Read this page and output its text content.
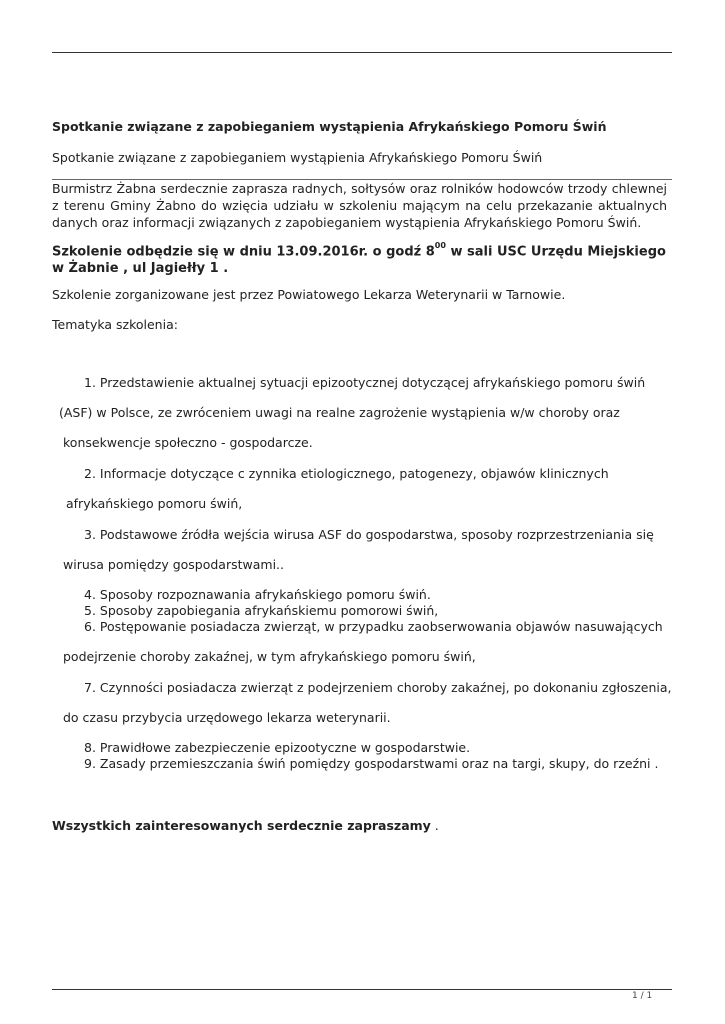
Spotkanie związane z zapobieganiem wystąpienia Afrykańskiego Pomoru Świń
Spotkanie związane z zapobieganiem wystąpienia Afrykańskiego Pomoru Świń
Burmistrz Żabna serdecznie zaprasza radnych, sołtysów oraz rolników hodowców trzody chlewnej z terenu Gminy Żabno do wzięcia udziału w szkoleniu mającym na celu przekazanie aktualnych danych oraz informacji związanych z zapobieganiem wystąpienia Afrykańskiego Pomoru Świń.
Szkolenie odbędzie się w dniu 13.09.2016r. o godź $8^{00}$ w sali USC Urzędu Miejskiego w Żabnie , ul Jagiełły 1 .
Szkolenie zorganizowane jest przez Powiatowego Lekarza Weterynarii w Tarnowie.
Tematyka szkolenia:
1. Przedstawienie aktualnej sytuacji epizootycznej dotyczącej afrykańskiego pomoru świń
(ASF) w Polsce, ze zwróceniem uwagi na realne zagrożenie wystąpienia w/w choroby oraz
konsekwencje społeczno - gospodarcze.
2. Informacje dotyczące c zynnika etiologicznego, patogenezy, objawów klinicznych
afrykańskiego pomoru świń,
3. Podstawowe źródła wejścia wirusa ASF do gospodarstwa, sposoby rozprzestrzeniania się
wirusa pomiędzy gospodarstwami..
4. Sposoby rozpoznawania afrykańskiego pomoru świń.
5. Sposoby zapobiegania afrykańskiemu pomorowi świń,
6. Postępowanie posiadacza zwierząt, w przypadku zaobserwowania objawów nasuwających
podejrzenie choroby zakaźnej, w tym afrykańskiego pomoru świń,
7. Czynności posiadacza zwierząt z podejrzeniem choroby zakaźnej, po dokonaniu zgłoszenia,
do czasu przybycia urzędowego lekarza weterynarii.
8. Prawidłowe zabezpieczenie epizootyczne w gospodarstwie.
9. Zasady przemieszczania świń pomiędzy gospodarstwami oraz na targi, skupy, do rzeźni .
Wszystkich zainteresowanych serdecznie zapraszamy .
1 / 1
